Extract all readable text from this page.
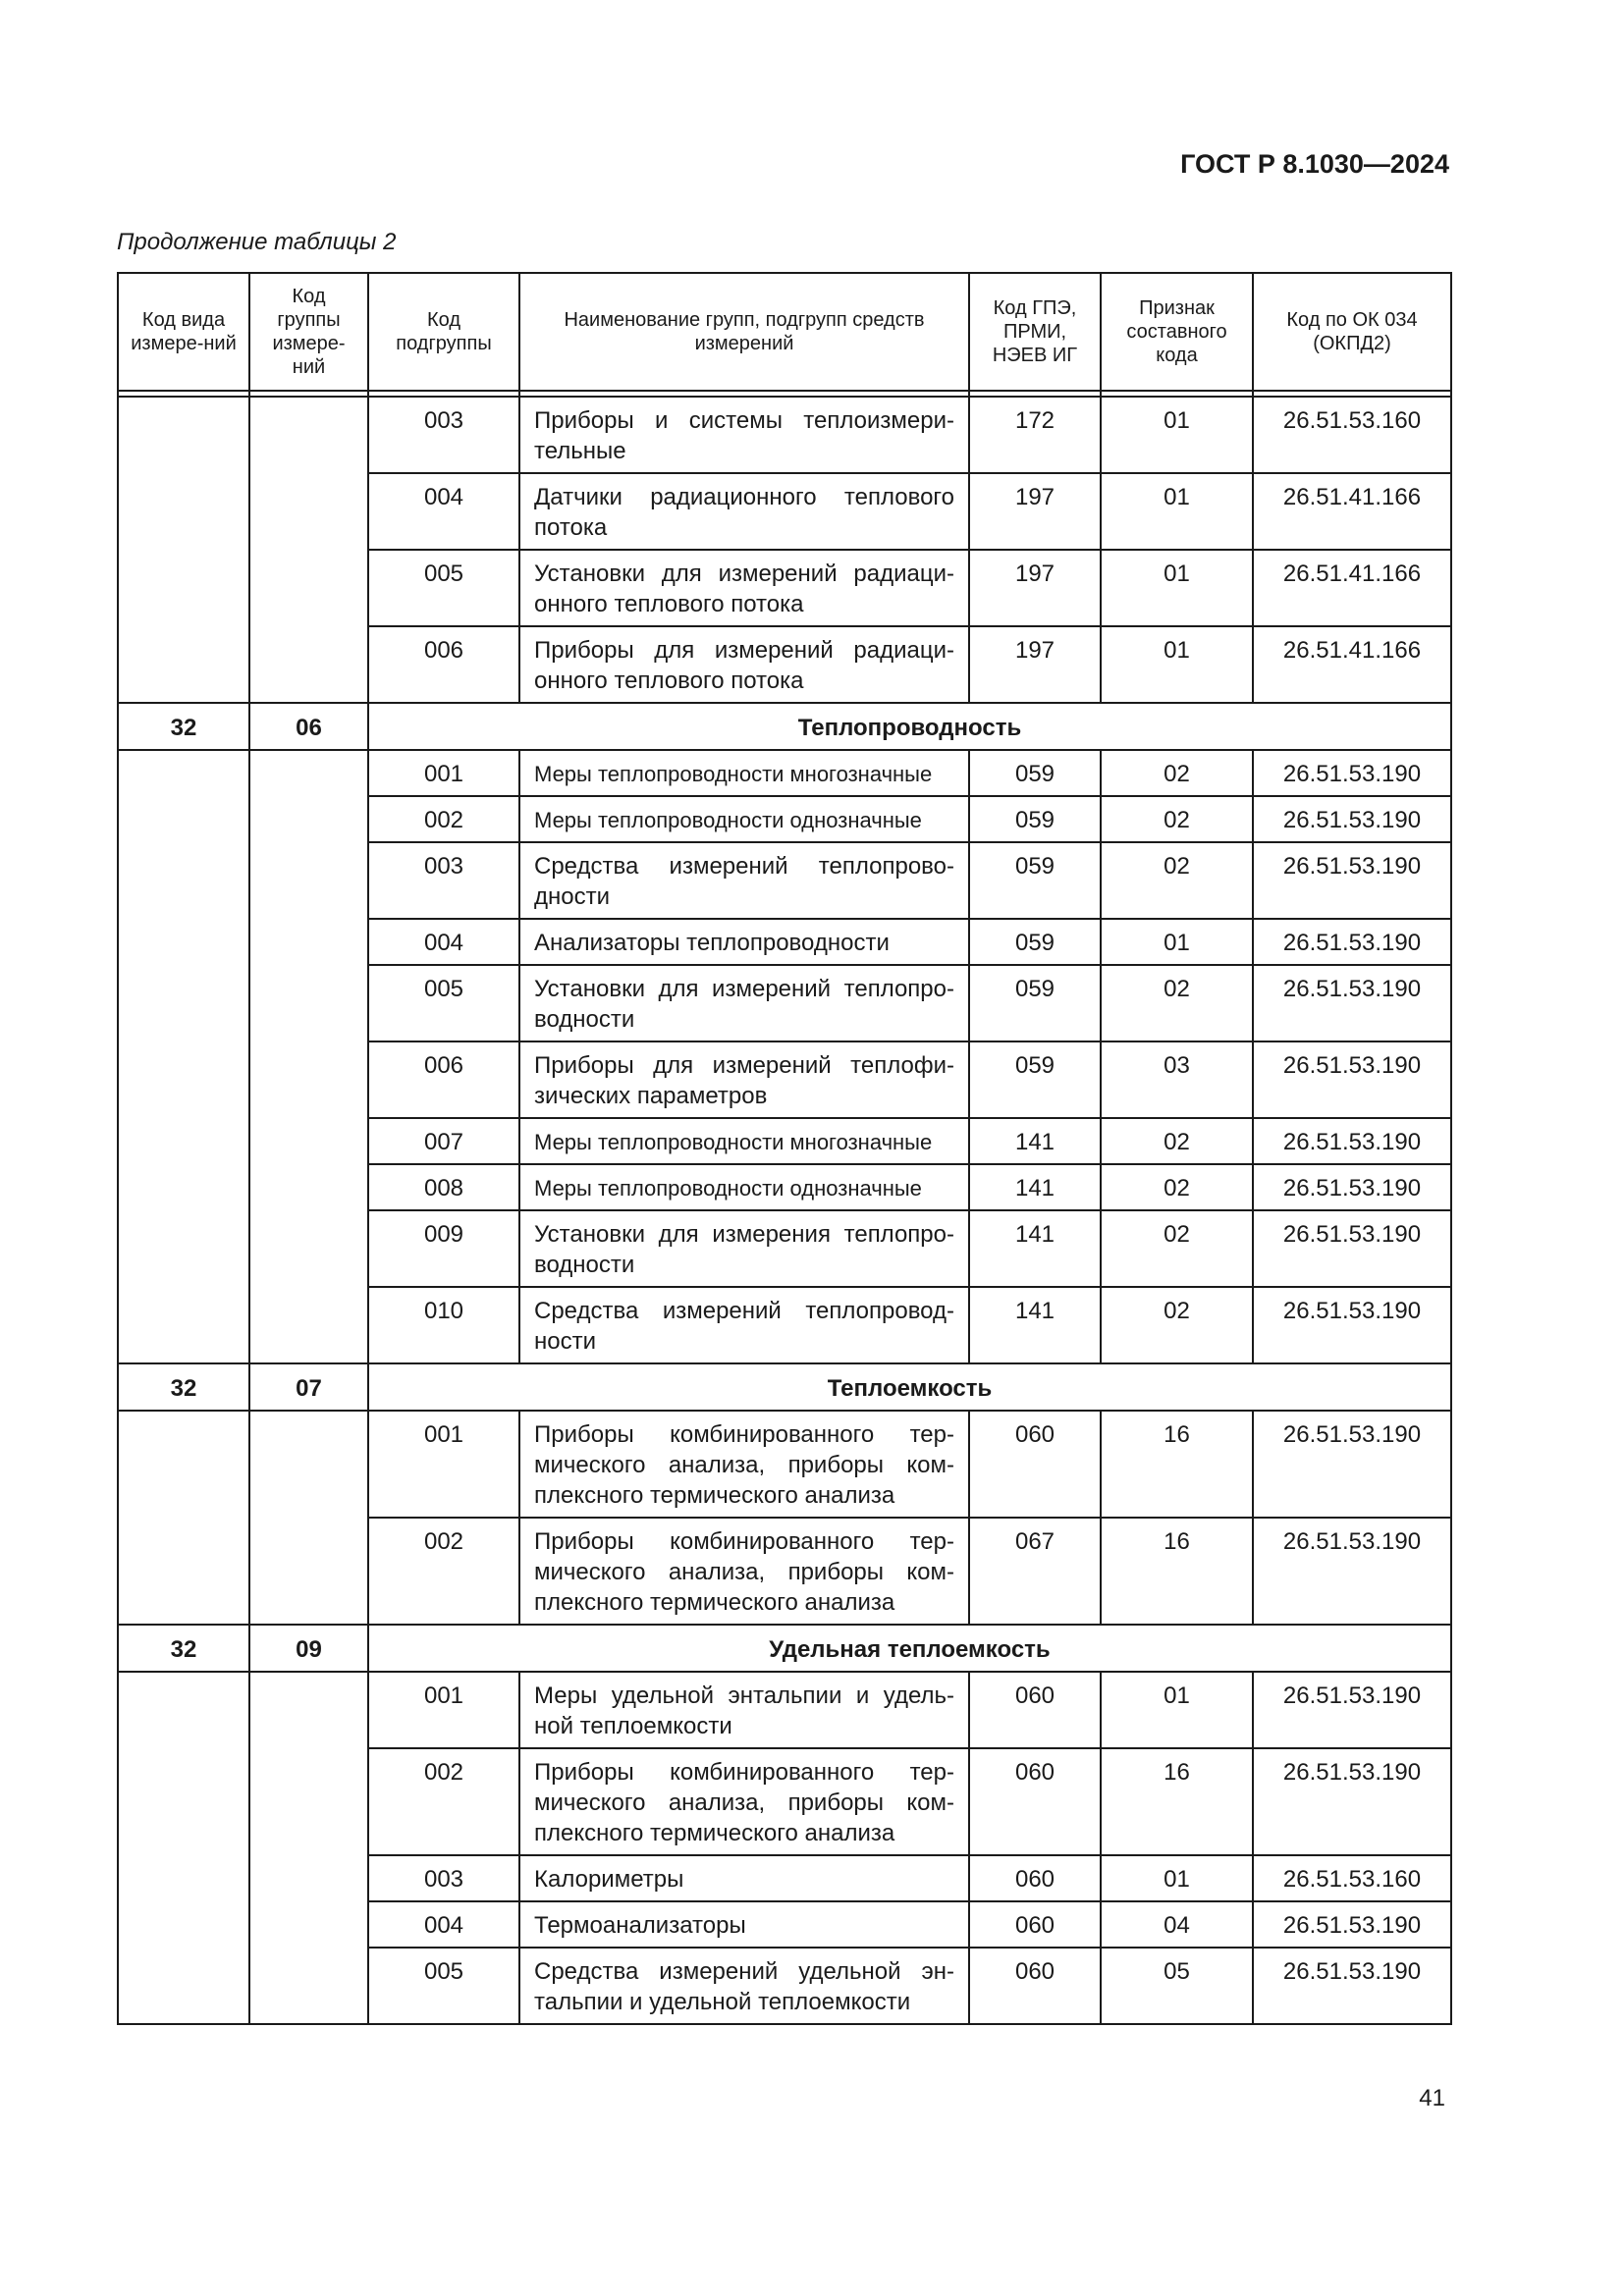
ГОСТ Р 8.1030—2024
Продолжение таблицы 2
Код вида измере-ний	Код группы измере-ний	Код подгруппы	Наименование групп, подгрупп средств измерений	Код ГПЭ, ПРМИ, НЭЕВ ИГ	Признак составного кода	Код по ОК 034 (ОКПД2)

		003	Приборы и системы теплоизмери-тельные	172	01	26.51.53.160
		004	Датчики радиационного теплового потока	197	01	26.51.41.166
		005	Установки для измерений радиаци-онного теплового потока	197	01	26.51.41.166
		006	Приборы для измерений радиаци-онного теплового потока	197	01	26.51.41.166
32	06	Теплопроводность				
		001	Меры теплопроводности многозначные	059	02	26.51.53.190
		002	Меры теплопроводности однозначные	059	02	26.51.53.190
		003	Средства измерений теплопрово-дности	059	02	26.51.53.190
		004	Анализаторы теплопроводности	059	01	26.51.53.190
		005	Установки для измерений теплопро-водности	059	02	26.51.53.190
		006	Приборы для измерений теплофи-зических параметров	059	03	26.51.53.190
		007	Меры теплопроводности многозначные	141	02	26.51.53.190
		008	Меры теплопроводности однозначные	141	02	26.51.53.190
		009	Установки для измерения теплопро-водности	141	02	26.51.53.190
		010	Средства измерений теплопровод-ности	141	02	26.51.53.190
32	07	Теплоемкость				
		001	Приборы комбинированного тер-мического анализа, приборы ком-плексного термического анализа	060	16	26.51.53.190
		002	Приборы комбинированного тер-мического анализа, приборы ком-плексного термического анализа	067	16	26.51.53.190
32	09	Удельная теплоемкость				
		001	Меры удельной энтальпии и удель-ной теплоемкости	060	01	26.51.53.190
		002	Приборы комбинированного тер-мического анализа, приборы ком-плексного термического анализа	060	16	26.51.53.190
		003	Калориметры	060	01	26.51.53.160
		004	Термоанализаторы	060	04	26.51.53.190
		005	Средства измерений удельной эн-тальпии и удельной теплоемкости	060	05	26.51.53.190
41
